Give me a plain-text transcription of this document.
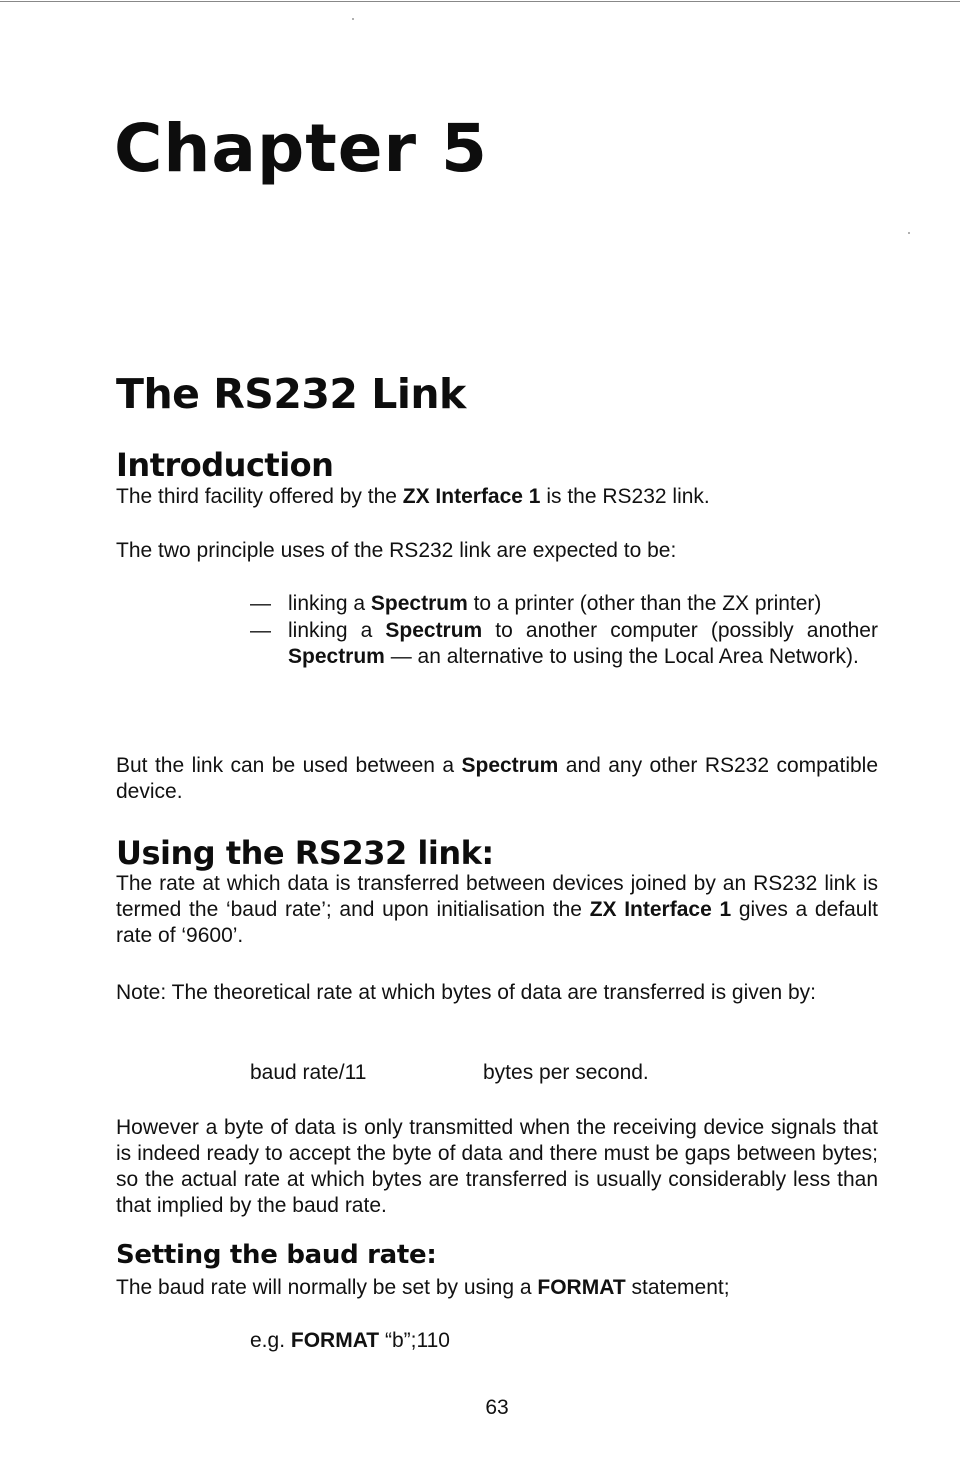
Chapter 5
The RS232 Link
Introduction

The third facility offered by the ZX Interface 1 is the RS232 link.

The two principle uses of the RS232 link are expected to be:

— linking a Spectrum to a printer (other than the ZX printer)
— linking a Spectrum to another computer (possibly another Spectrum — an alternative to using the Local Area Network).

But the link can be used between a Spectrum and any other RS232 compatible device.

Using the RS232 link:

The rate at which data is transferred between devices joined by an RS232 link is termed the ‘baud rate’; and upon initialisation the ZX Interface 1 gives a default rate of ‘9600’.

Note: The theoretical rate at which bytes of data are transferred is given by:

baud rate/11	bytes per second.

However a byte of data is only transmitted when the receiving device signals that is indeed ready to accept the byte of data and there must be gaps between bytes; so the actual rate at which bytes are transferred is usually considerably less than that implied by the baud rate.

Setting the baud rate:

The baud rate will normally be set by using a FORMAT statement;

e.g. FORMAT “b”;110
63
